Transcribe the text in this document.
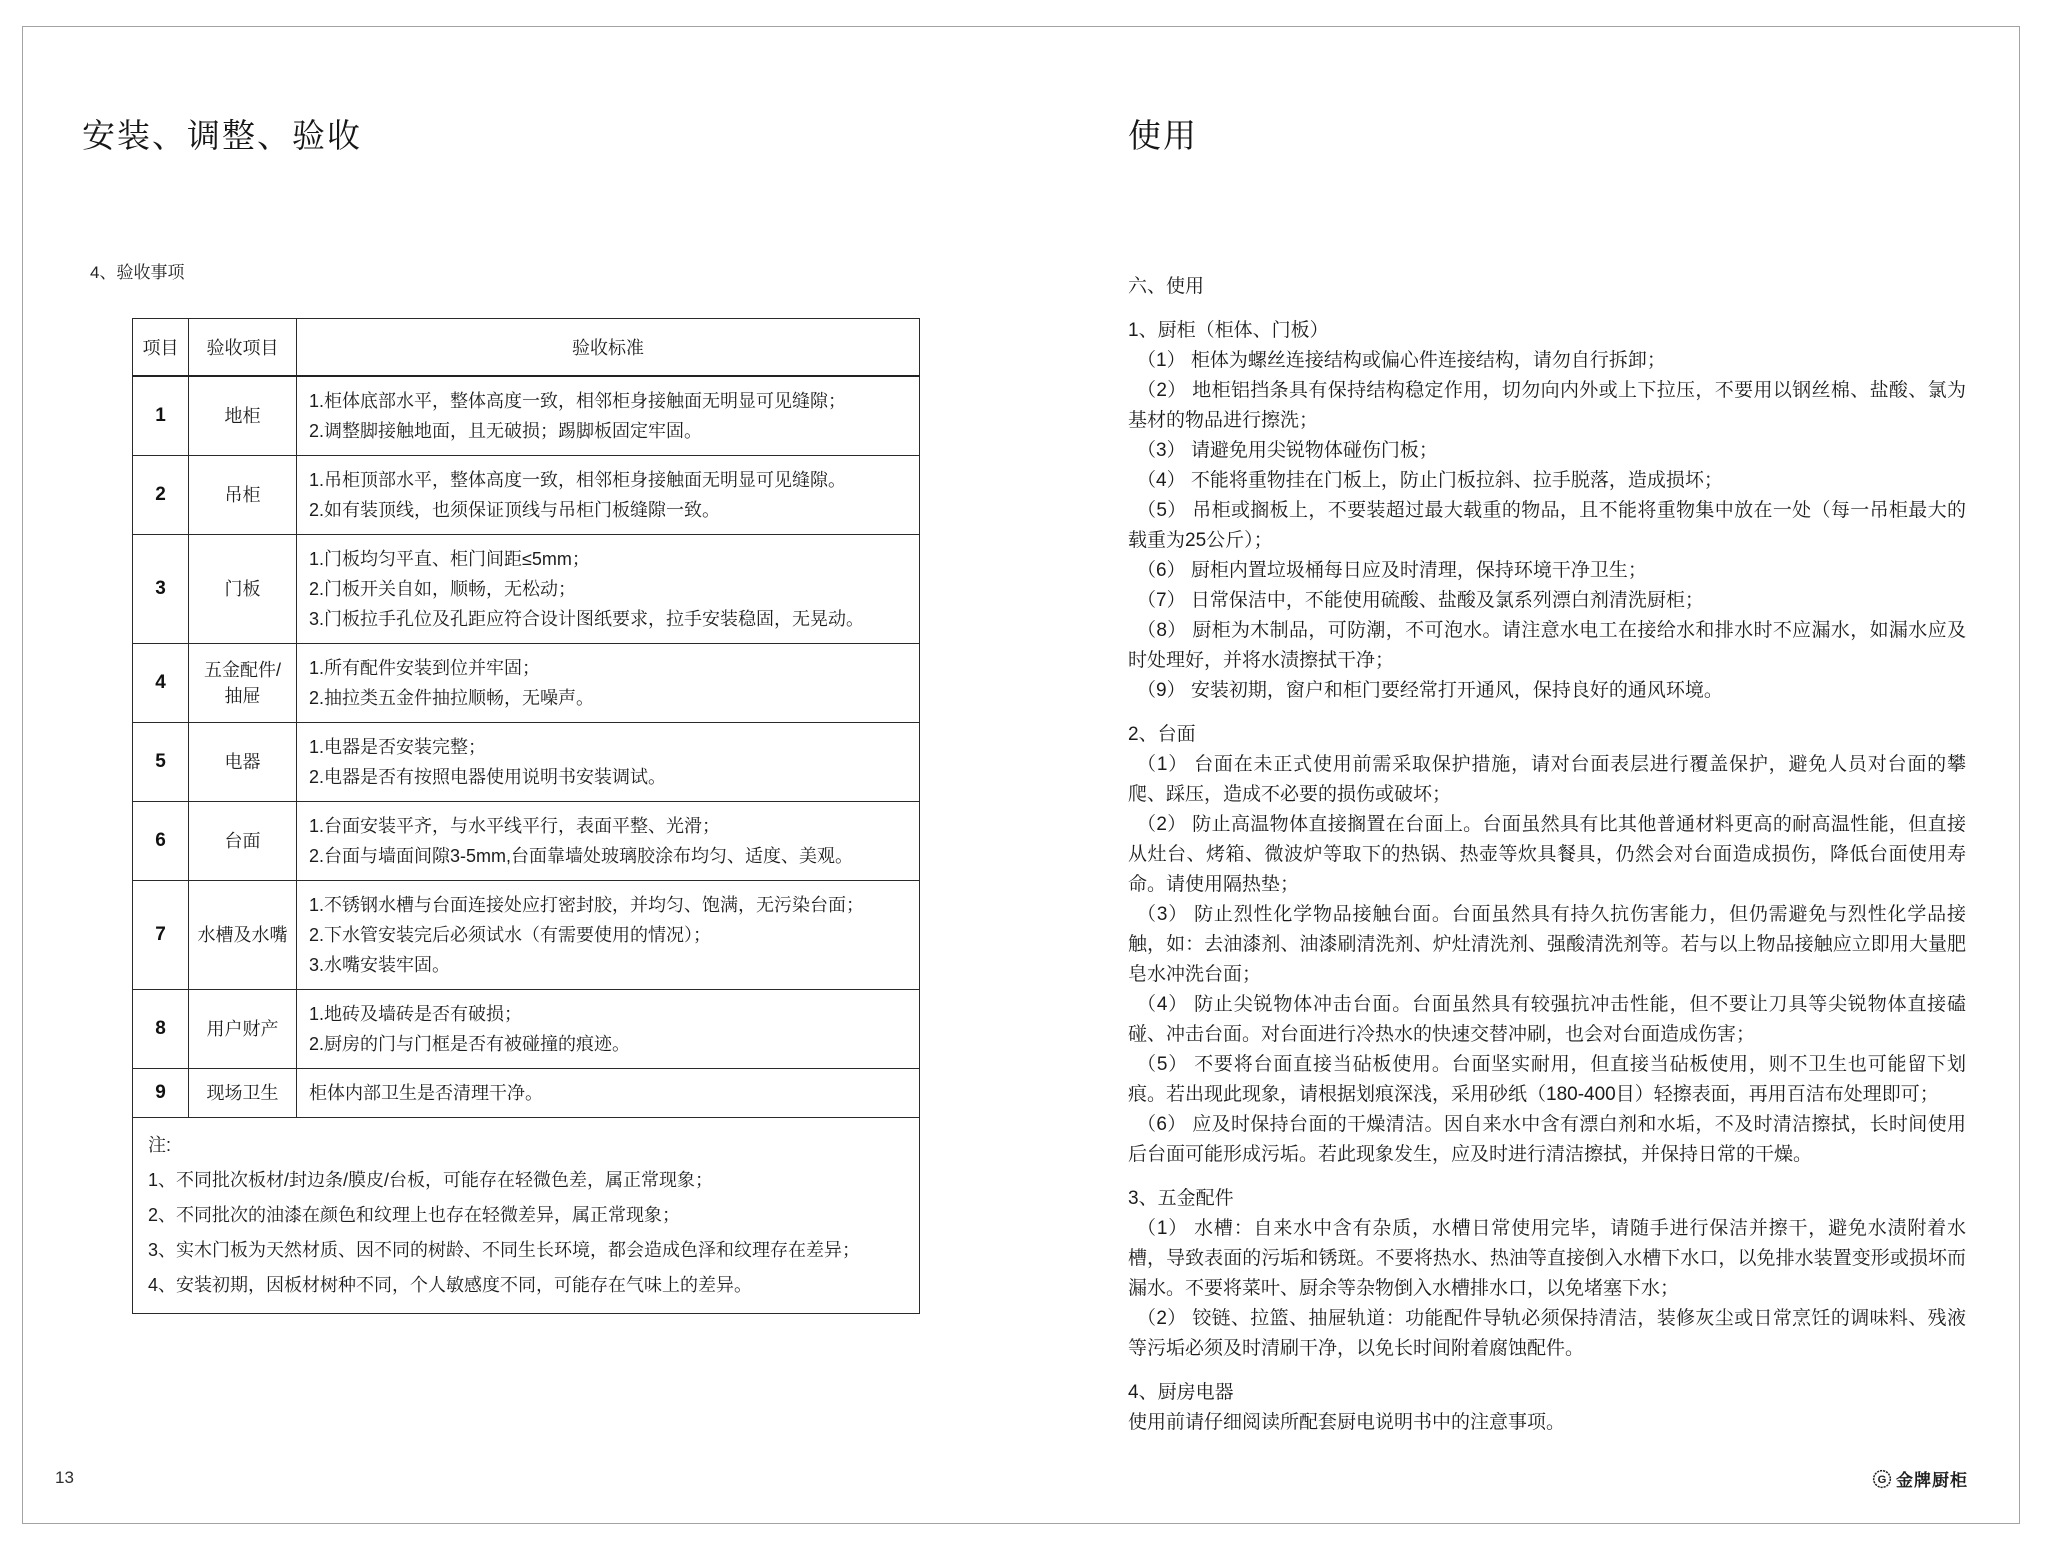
安装、调整、验收
4、验收事项
项目	验收项目	验收标准
1	地柜	1.柜体底部水平，整体高度一致，相邻柜身接触面无明显可见缝隙；
2.调整脚接触地面，且无破损；踢脚板固定牢固。

2	吊柜	1.吊柜顶部水平，整体高度一致，相邻柜身接触面无明显可见缝隙。
2.如有装顶线，也须保证顶线与吊柜门板缝隙一致。

3	门板	1.门板均匀平直、柜门间距≤5mm；
2.门板开关自如，顺畅，无松动；
3.门板拉手孔位及孔距应符合设计图纸要求，拉手安装稳固，无晃动。

4	五金配件/抽屉	1.所有配件安装到位并牢固；
2.抽拉类五金件抽拉顺畅，无噪声。

5	电器	1.电器是否安装完整；
2.电器是否有按照电器使用说明书安装调试。

6	台面	1.台面安装平齐，与水平线平行，表面平整、光滑；
2.台面与墙面间隙3-5mm,台面靠墙处玻璃胶涂布均匀、适度、美观。

7	水槽及水嘴	1.不锈钢水槽与台面连接处应打密封胶，并均匀、饱满，无污染台面；
2.下水管安装完后必须试水（有需要使用的情况）；
3.水嘴安装牢固。

8	用户财产	1.地砖及墙砖是否有破损；
2.厨房的门与门框是否有被碰撞的痕迹。

9	现场卫生	柜体内部卫生是否清理干净。

注:
1、不同批次板材/封边条/膜皮/台板，可能存在轻微色差，属正常现象；
2、不同批次的油漆在颜色和纹理上也存在轻微差异，属正常现象；
3、实木门板为天然材质、因不同的树龄、不同生长环境，都会造成色泽和纹理存在差异；
4、安装初期，因板材树种不同，个人敏感度不同，可能存在气味上的差异。		
使用
六、使用
1、厨柜（柜体、门板）
（1） 柜体为螺丝连接结构或偏心件连接结构，请勿自行拆卸；
（2） 地柜铝挡条具有保持结构稳定作用，切勿向内外或上下拉压，不要用以钢丝棉、盐酸、氯为基材的物品进行擦洗；
（3） 请避免用尖锐物体碰伤门板；
（4） 不能将重物挂在门板上，防止门板拉斜、拉手脱落，造成损坏；
（5） 吊柜或搁板上，不要装超过最大载重的物品，且不能将重物集中放在一处（每一吊柜最大的载重为25公斤）；
（6） 厨柜内置垃圾桶每日应及时清理，保持环境干净卫生；
（7） 日常保洁中，不能使用硫酸、盐酸及氯系列漂白剂清洗厨柜；
（8） 厨柜为木制品，可防潮，不可泡水。请注意水电工在接给水和排水时不应漏水，如漏水应及时处理好，并将水渍擦拭干净；
（9） 安装初期，窗户和柜门要经常打开通风，保持良好的通风环境。
2、台面
（1） 台面在未正式使用前需采取保护措施，请对台面表层进行覆盖保护，避免人员对台面的攀爬、踩压，造成不必要的损伤或破坏；
（2） 防止高温物体直接搁置在台面上。台面虽然具有比其他普通材料更高的耐高温性能，但直接从灶台、烤箱、微波炉等取下的热锅、热壶等炊具餐具，仍然会对台面造成损伤，降低台面使用寿命。请使用隔热垫；
（3） 防止烈性化学物品接触台面。台面虽然具有持久抗伤害能力，但仍需避免与烈性化学品接触，如：去油漆剂、油漆刷清洗剂、炉灶清洗剂、强酸清洗剂等。若与以上物品接触应立即用大量肥皂水冲洗台面；
（4） 防止尖锐物体冲击台面。台面虽然具有较强抗冲击性能，但不要让刀具等尖锐物体直接磕碰、冲击台面。对台面进行冷热水的快速交替冲刷，也会对台面造成伤害；
（5） 不要将台面直接当砧板使用。台面坚实耐用，但直接当砧板使用，则不卫生也可能留下划痕。若出现此现象，请根据划痕深浅，采用砂纸（180-400目）轻擦表面，再用百洁布处理即可；
（6） 应及时保持台面的干燥清洁。因自来水中含有漂白剂和水垢，不及时清洁擦拭，长时间使用后台面可能形成污垢。若此现象发生，应及时进行清洁擦拭，并保持日常的干燥。
3、五金配件
（1） 水槽：自来水中含有杂质，水槽日常使用完毕，请随手进行保洁并擦干，避免水渍附着水槽，导致表面的污垢和锈斑。不要将热水、热油等直接倒入水槽下水口，以免排水装置变形或损坏而漏水。不要将菜叶、厨余等杂物倒入水槽排水口，以免堵塞下水；
（2） 铰链、拉篮、抽屉轨道：功能配件导轨必须保持清洁，装修灰尘或日常烹饪的调味料、残液等污垢必须及时清刷干净，以免长时间附着腐蚀配件。
4、厨房电器
使用前请仔细阅读所配套厨电说明书中的注意事项。
13	G 金牌厨柜
